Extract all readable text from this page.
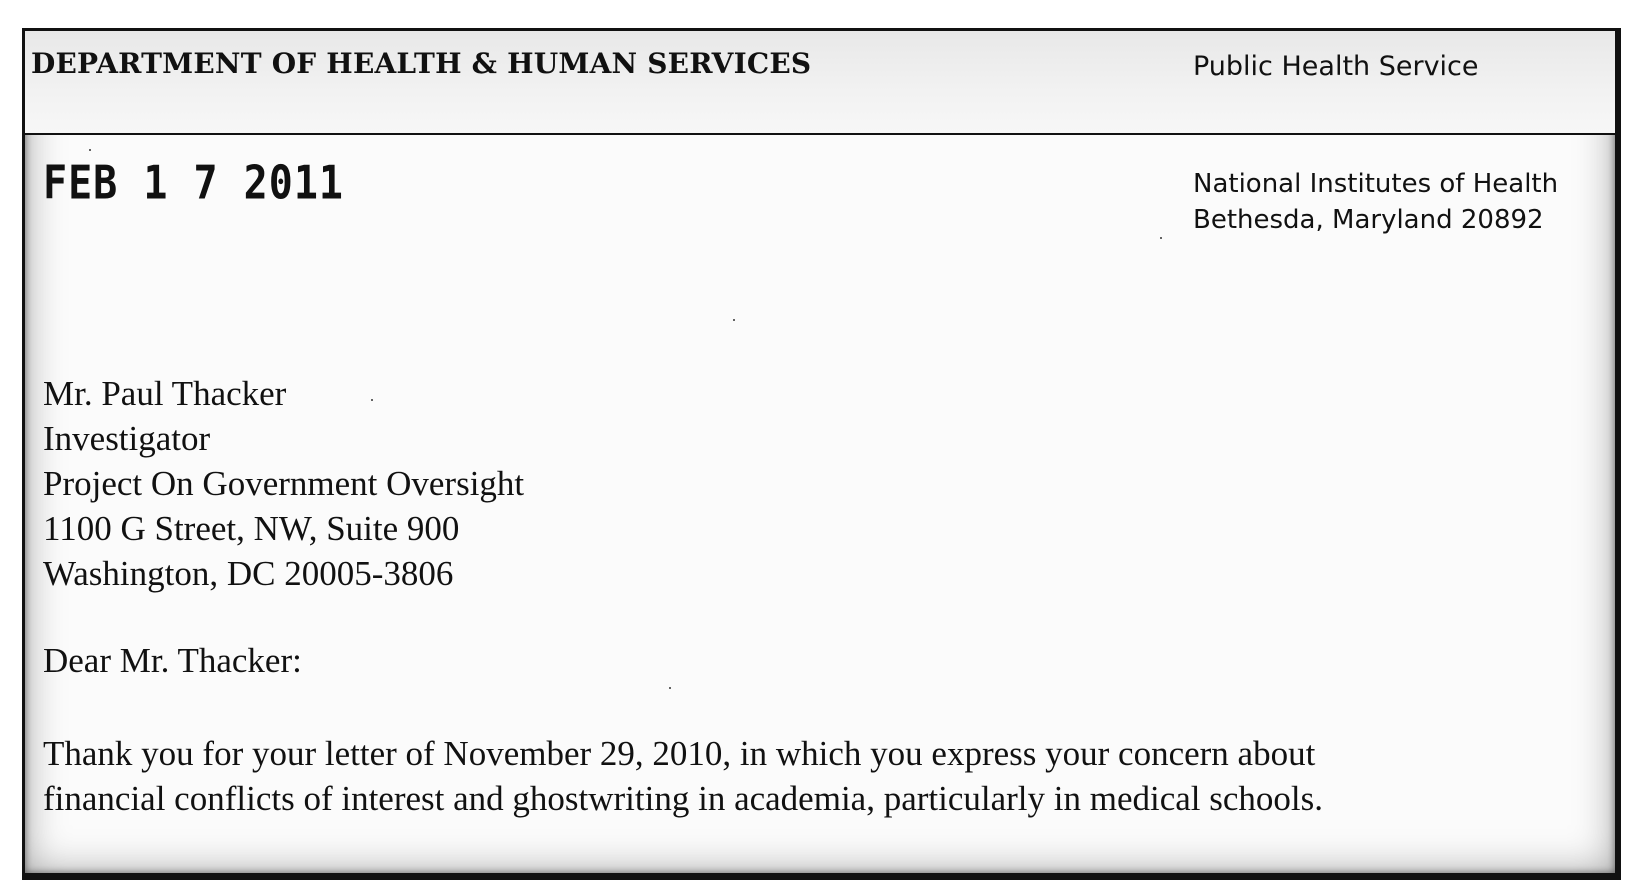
DEPARTMENT OF HEALTH & HUMAN SERVICES	Public Health Service
FEB 1 7 2011	National Institutes of Health
Bethesda, Maryland 20892
Mr. Paul Thacker
Investigator
Project On Government Oversight
1100 G Street, NW, Suite 900
Washington, DC 20005-3806
Dear Mr. Thacker:
Thank you for your letter of November 29, 2010, in which you express your concern about
financial conflicts of interest and ghostwriting in academia, particularly in medical schools.
